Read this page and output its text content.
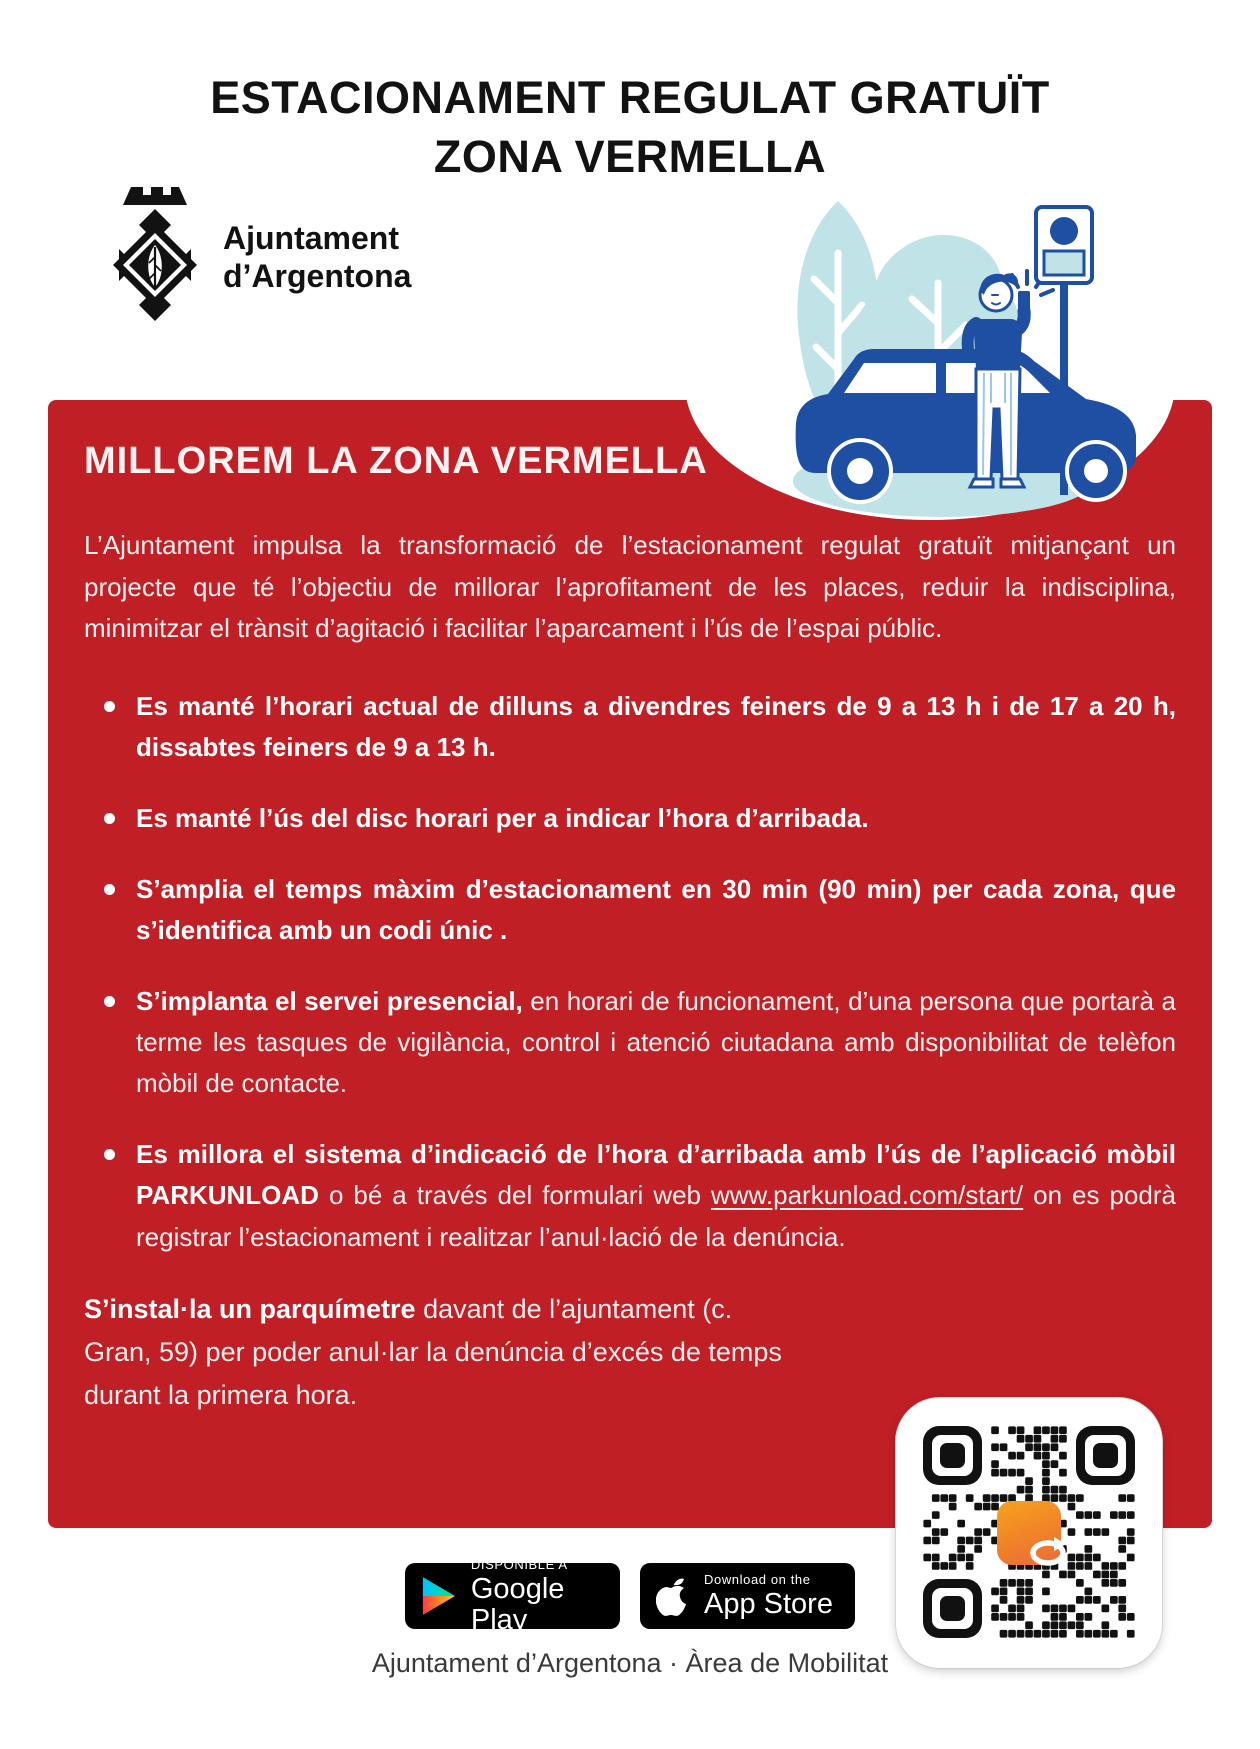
ESTACIONAMENT REGULAT GRATUÏT
ZONA VERMELLA
Ajuntament
d’Argentona
MILLOREM LA ZONA VERMELLA

L’Ajuntament impulsa la transformació de l’estacionament regulat gratuït mitjançant un projecte que té l’objectiu de millorar l’aprofitament de les places, reduir la indisciplina, minimitzar el trànsit d’agitació i facilitar l’aparcament i l’ús de l’espai públic.

Es manté l’horari actual de dilluns a divendres feiners de 9 a 13 h i de 17 a 20 h, dissabtes feiners de 9 a 13 h.
Es manté l’ús del disc horari per a indicar l’hora d’arribada.
S’amplia el temps màxim d’estacionament en 30 min (90 min) per cada zona, que s’identifica amb un codi únic .
S’implanta el servei presencial, en horari de funcionament, d’una persona que portarà a terme les tasques de vigilància, control i atenció ciutadana amb disponibilitat de telèfon mòbil de contacte.
Es millora el sistema d’indicació de l’hora d’arribada amb l’ús de l’aplicació mòbil PARKUNLOAD o bé a través del formulari web www.parkunload.com/start/ on es podrà registrar l’estacionament i realitzar l’anul·lació de la denúncia.

S’instal·la un parquímetre davant de l’ajuntament (c. Gran, 59) per poder anul·lar la denúncia d’excés de temps durant la primera hora.

DISPONIBLE A
Google Play
Download on the
App Store
Ajuntament d’Argentona · Àrea de Mobilitat
